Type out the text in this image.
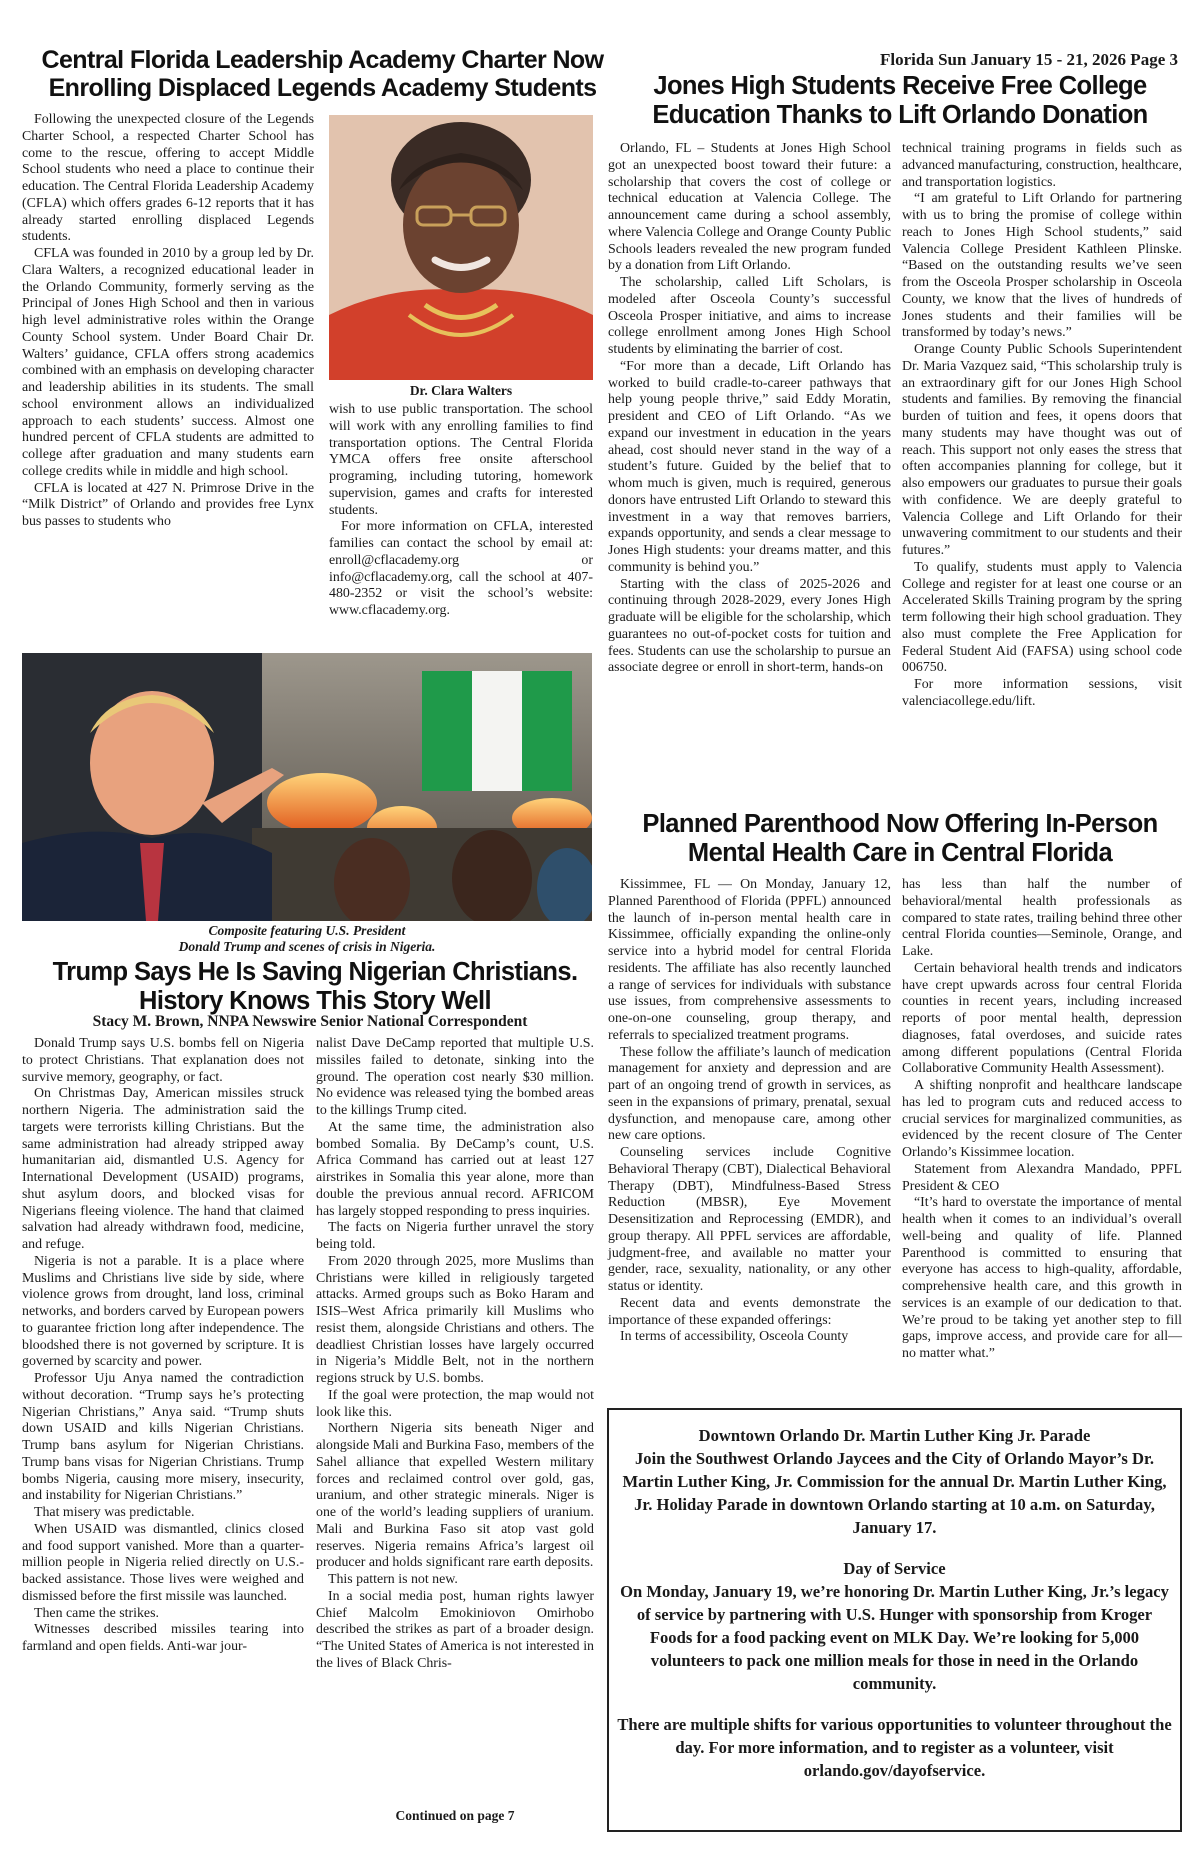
Central Florida Leadership Academy Charter Now Enrolling Displaced Legends Academy Students

Following the unexpected closure of the Legends Charter School, a respected Charter School has come to the rescue, offering to accept Middle School students who need a place to continue their education. The Central Florida Leadership Academy (CFLA) which offers grades 6-12 reports that it has already started enrolling displaced Legends students.

CFLA was founded in 2010 by a group led by Dr. Clara Walters, a recognized educational leader in the Orlando Community, formerly serving as the Principal of Jones High School and then in various high level administrative roles within the Orange County School system. Under Board Chair Dr. Walters’ guidance, CFLA offers strong academics combined with an emphasis on developing character and leadership abilities in its students. The small school environment allows an individualized approach to each students’ success. Almost one hundred percent of CFLA students are admitted to college after graduation and many students earn college credits while in middle and high school.

CFLA is located at 427 N. Primrose Drive in the “Milk District” of Orlando and provides free Lynx bus passes to students who

Dr. Clara Walters

wish to use public transportation. The school will work with any enrolling families to find transportation options. The Central Florida YMCA offers free onsite afterschool programing, including tutoring, homework supervision, games and crafts for interested students.

For more information on CFLA, interested families can contact the school by email at: enroll@cflacademy.org or info@cflacademy.org, call the school at 407-480-2352 or visit the school’s website: www.cflacademy.org.

Composite featuring U.S. President
Donald Trump and scenes of crisis in Nigeria.
Trump Says He Is Saving Nigerian Christians. History Knows This Story Well
Stacy M. Brown, NNPA Newswire Senior National Correspondent

Donald Trump says U.S. bombs fell on Nigeria to protect Christians. That explanation does not survive memory, geography, or fact.

On Christmas Day, American missiles struck northern Nigeria. The administration said the targets were terrorists killing Christians. But the same administration had already stripped away humanitarian aid, dismantled U.S. Agency for International Development (USAID) programs, shut asylum doors, and blocked visas for Nigerians fleeing violence. The hand that claimed salvation had already withdrawn food, medicine, and refuge.

Nigeria is not a parable. It is a place where Muslims and Christians live side by side, where violence grows from drought, land loss, criminal networks, and borders carved by European powers to guarantee friction long after independence. The bloodshed there is not governed by scripture. It is governed by scarcity and power.

Professor Uju Anya named the contradiction without decoration. “Trump says he’s protecting Nigerian Christians,” Anya said. “Trump shuts down USAID and kills Nigerian Christians. Trump bans asylum for Nigerian Christians. Trump bans visas for Nigerian Christians. Trump bombs Nigeria, causing more misery, insecurity, and instability for Nigerian Christians.”

That misery was predictable.

When USAID was dismantled, clinics closed and food support vanished. More than a quarter-million people in Nigeria relied directly on U.S.-backed assistance. Those lives were weighed and dismissed before the first missile was launched.

Then came the strikes.

Witnesses described missiles tearing into farmland and open fields. Anti-war jour-

nalist Dave DeCamp reported that multiple U.S. missiles failed to detonate, sinking into the ground. The operation cost nearly $30 million. No evidence was released tying the bombed areas to the killings Trump cited.

At the same time, the administration also bombed Somalia. By DeCamp’s count, U.S. Africa Command has carried out at least 127 airstrikes in Somalia this year alone, more than double the previous annual record. AFRICOM has largely stopped responding to press inquiries.

The facts on Nigeria further unravel the story being told.

From 2020 through 2025, more Muslims than Christians were killed in religiously targeted attacks. Armed groups such as Boko Haram and ISIS–West Africa primarily kill Muslims who resist them, alongside Christians and others. The deadliest Christian losses have largely occurred in Nigeria’s Middle Belt, not in the northern regions struck by U.S. bombs.

If the goal were protection, the map would not look like this.

Northern Nigeria sits beneath Niger and alongside Mali and Burkina Faso, members of the Sahel alliance that expelled Western military forces and reclaimed control over gold, gas, uranium, and other strategic minerals. Niger is one of the world’s leading suppliers of uranium. Mali and Burkina Faso sit atop vast gold reserves. Nigeria remains Africa’s largest oil producer and holds significant rare earth deposits.

This pattern is not new.

In a social media post, human rights lawyer Chief Malcolm Emokiniovon Omirhobo described the strikes as part of a broader design. “The United States of America is not interested in the lives of Black Chris-

Continued on page 7
Florida Sun January 15 - 21, 2026 Page 3
Jones High Students Receive Free College Education Thanks to Lift Orlando Donation

Orlando, FL – Students at Jones High School got an unexpected boost toward their future: a scholarship that covers the cost of college or technical education at Valencia College. The announcement came during a school assembly, where Valencia College and Orange County Public Schools leaders revealed the new program funded by a donation from Lift Orlando.

The scholarship, called Lift Scholars, is modeled after Osceola County’s successful Osceola Prosper initiative, and aims to increase college enrollment among Jones High School students by eliminating the barrier of cost.

“For more than a decade, Lift Orlando has worked to build cradle-to-career pathways that help young people thrive,” said Eddy Moratin, president and CEO of Lift Orlando. “As we expand our investment in education in the years ahead, cost should never stand in the way of a student’s future. Guided by the belief that to whom much is given, much is required, generous donors have entrusted Lift Orlando to steward this investment in a way that removes barriers, expands opportunity, and sends a clear message to Jones High students: your dreams matter, and this community is behind you.”

Starting with the class of 2025-2026 and continuing through 2028-2029, every Jones High graduate will be eligible for the scholarship, which guarantees no out-of-pocket costs for tuition and fees. Students can use the scholarship to pursue an associate degree or enroll in short-term, hands-on

technical training programs in fields such as advanced manufacturing, construction, healthcare, and transportation logistics.

“I am grateful to Lift Orlando for partnering with us to bring the promise of college within reach to Jones High School students,” said Valencia College President Kathleen Plinske. “Based on the outstanding results we’ve seen from the Osceola Prosper scholarship in Osceola County, we know that the lives of hundreds of Jones students and their families will be transformed by today’s news.”

Orange County Public Schools Superintendent Dr. Maria Vazquez said, “This scholarship truly is an extraordinary gift for our Jones High School students and families. By removing the financial burden of tuition and fees, it opens doors that many students may have thought was out of reach. This support not only eases the stress that often accompanies planning for college, but it also empowers our graduates to pursue their goals with confidence. We are deeply grateful to Valencia College and Lift Orlando for their unwavering commitment to our students and their futures.”

To qualify, students must apply to Valencia College and register for at least one course or an Accelerated Skills Training program by the spring term following their high school graduation. They also must complete the Free Application for Federal Student Aid (FAFSA) using school code 006750.

For more information sessions, visit valenciacollege.edu/lift.

Planned Parenthood Now Offering In-Person Mental Health Care in Central Florida

Kissimmee, FL — On Monday, January 12, Planned Parenthood of Florida (PPFL) announced the launch of in-person mental health care in Kissimmee, officially expanding the online-only service into a hybrid model for central Florida residents. The affiliate has also recently launched a range of services for individuals with substance use issues, from comprehensive assessments to one-on-one counseling, group therapy, and referrals to specialized treatment programs.

These follow the affiliate’s launch of medication management for anxiety and depression and are part of an ongoing trend of growth in services, as seen in the expansions of primary, prenatal, sexual dysfunction, and menopause care, among other new care options.

Counseling services include Cognitive Behavioral Therapy (CBT), Dialectical Behavioral Therapy (DBT), Mindfulness-Based Stress Reduction (MBSR), Eye Movement Desensitization and Reprocessing (EMDR), and group therapy. All PPFL services are affordable, judgment-free, and available no matter your gender, race, sexuality, nationality, or any other status or identity.

Recent data and events demonstrate the importance of these expanded offerings:

In terms of accessibility, Osceola County

has less than half the number of behavioral/mental health professionals as compared to state rates, trailing behind three other central Florida counties—Seminole, Orange, and Lake.

Certain behavioral health trends and indicators have crept upwards across four central Florida counties in recent years, including increased reports of poor mental health, depression diagnoses, fatal overdoses, and suicide rates among different populations (Central Florida Collaborative Community Health Assessment).

A shifting nonprofit and healthcare landscape has led to program cuts and reduced access to crucial services for marginalized communities, as evidenced by the recent closure of The Center Orlando’s Kissimmee location.

Statement from Alexandra Mandado, PPFL President & CEO

“It’s hard to overstate the importance of mental health when it comes to an individual’s overall well-being and quality of life. Planned Parenthood is committed to ensuring that everyone has access to high-quality, affordable, comprehensive health care, and this growth in services is an example of our dedication to that. We’re proud to be taking yet another step to fill gaps, improve access, and provide care for all—no matter what.”

Downtown Orlando Dr. Martin Luther King Jr. Parade

Join the Southwest Orlando Jaycees and the City of Orlando Mayor’s Dr. Martin Luther King, Jr. Commission for the annual Dr. Martin Luther King, Jr. Holiday Parade in downtown Orlando starting at 10 a.m. on Saturday, January 17.

Day of Service

On Monday, January 19, we’re honoring Dr. Martin Luther King, Jr.’s legacy of service by partnering with U.S. Hunger with sponsorship from Kroger Foods for a food packing event on MLK Day. We’re looking for 5,000 volunteers to pack one million meals for those in need in the Orlando community.

There are multiple shifts for various opportunities to volunteer throughout the day. For more information, and to register as a volunteer, visit orlando.gov/dayofservice.
